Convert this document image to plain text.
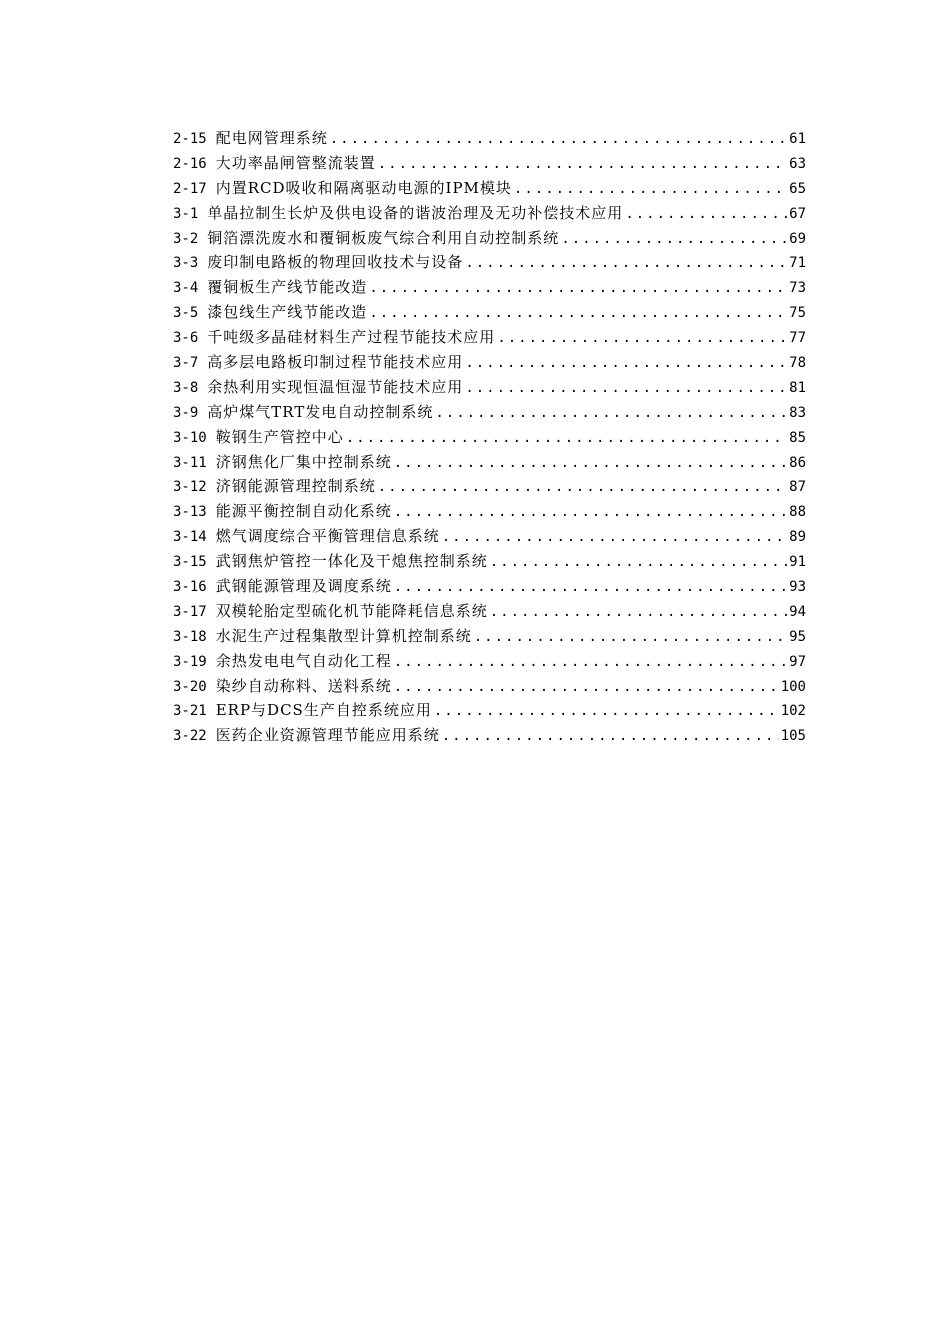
2-15 配电网管理系统 .....	61
2-16 大功率晶闸管整流装置 .....	63
2-17 内置RCD吸收和隔离驱动电源的IPM模块 .....	65
3-1 单晶拉制生长炉及供电设备的谐波治理及无功补偿技术应用 .....	67
3-2 铜箔漂洗废水和覆铜板废气综合利用自动控制系统 .....	69
3-3 废印制电路板的物理回收技术与设备 .....	71
3-4 覆铜板生产线节能改造 .....	73
3-5 漆包线生产线节能改造 .....	75
3-6 千吨级多晶硅材料生产过程节能技术应用 .....	77
3-7 高多层电路板印制过程节能技术应用 .....	78
3-8 余热利用实现恒温恒湿节能技术应用 .....	81
3-9 高炉煤气TRT发电自动控制系统 .....	83
3-10 鞍钢生产管控中心 .....	85
3-11 济钢焦化厂集中控制系统 .....	86
3-12 济钢能源管理控制系统 .....	87
3-13 能源平衡控制自动化系统 .....	88
3-14 燃气调度综合平衡管理信息系统 .....	89
3-15 武钢焦炉管控一体化及干熄焦控制系统 .....	91
3-16 武钢能源管理及调度系统 .....	93
3-17 双模轮胎定型硫化机节能降耗信息系统 .....	94
3-18 水泥生产过程集散型计算机控制系统 .....	95
3-19 余热发电电气自动化工程 .....	97
3-20 染纱自动称料、送料系统 .....	100
3-21 ERP与DCS生产自控系统应用 .....	102
3-22 医药企业资源管理节能应用系统 .....	105
